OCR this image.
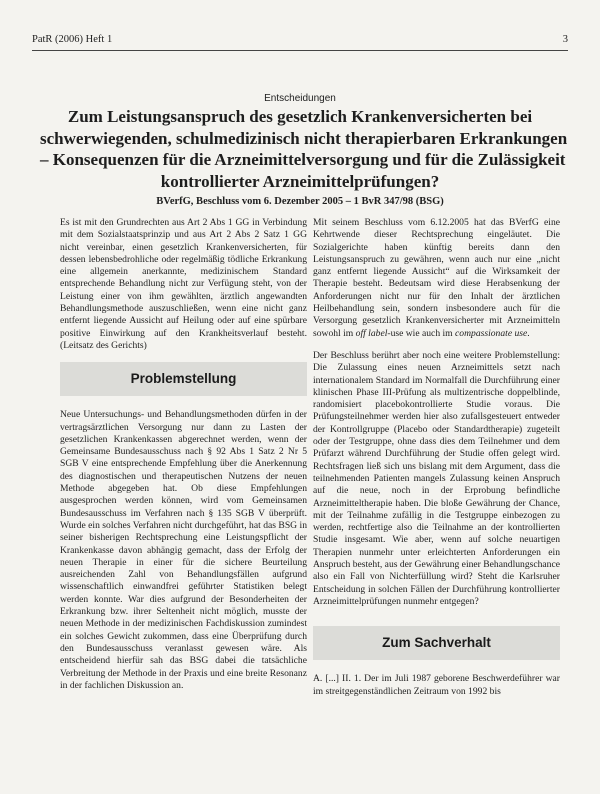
PatR (2006) Heft 1	3
Entscheidungen
Zum Leistungsanspruch des gesetzlich Krankenversicherten bei
schwerwiegenden, schulmedizinisch nicht therapierbaren Erkrankungen
– Konsequenzen für die Arzneimittelversorgung und für die Zulässigkeit
kontrollierter Arzneimittelprüfungen?
BVerfG, Beschluss vom 6. Dezember 2005 – 1 BvR 347/98 (BSG)

Es ist mit den Grundrechten aus Art 2 Abs 1 GG in Verbindung mit dem Sozialstaatsprinzip und aus Art 2 Abs 2 Satz 1 GG nicht vereinbar, einen gesetzlich Krankenversicherten, für dessen lebensbedrohliche oder regelmäßig tödliche Erkrankung eine allgemein anerkannte, medizinischem Standard entsprechende Behandlung nicht zur Verfügung steht, von der Leistung einer von ihm gewählten, ärztlich angewandten Behandlungsmethode auszuschließen, wenn eine nicht ganz entfernt liegende Aussicht auf Heilung oder auf eine spürbare positive Einwirkung auf den Krankheitsverlauf besteht. (Leitsatz des Gerichts)

Problemstellung

Neue Untersuchungs- und Behandlungsmethoden dürfen in der vertragsärztlichen Versorgung nur dann zu Lasten der gesetzlichen Krankenkassen abgerechnet werden, wenn der Gemeinsame Bundesausschuss nach § 92 Abs 1 Satz 2 Nr 5 SGB V eine entsprechende Empfehlung über die Anerkennung des diagnostischen und therapeutischen Nutzens der neuen Methode abgegeben hat. Ob diese Empfehlungen ausgesprochen werden können, wird vom Gemeinsamen Bundesausschuss im Verfahren nach § 135 SGB V überprüft. Wurde ein solches Verfahren nicht durchgeführt, hat das BSG in seiner bisherigen Rechtsprechung eine Leistungspflicht der Krankenkasse davon abhängig gemacht, dass der Erfolg der neuen Therapie in einer für die sichere Beurteilung ausreichenden Zahl von Behandlungsfällen aufgrund wissenschaftlich einwandfrei geführter Statistiken belegt werden konnte. War dies aufgrund der Besonderheiten der Erkrankung bzw. ihrer Seltenheit nicht möglich, musste der neuen Methode in der medizinischen Fachdiskussion zumindest ein solches Gewicht zukommen, dass eine Überprüfung durch den Bundesausschuss veranlasst gewesen wäre. Als entscheidend hierfür sah das BSG dabei die tatsächliche Verbreitung der Methode in der Praxis und eine breite Resonanz in der fachlichen Diskussion an.

Mit seinem Beschluss vom 6.12.2005 hat das BVerfG eine Kehrtwende dieser Rechtsprechung eingeläutet. Die Sozialgerichte haben künftig bereits dann den Leistungsanspruch zu gewähren, wenn auch nur eine „nicht ganz entfernt liegende Aussicht“ auf die Wirksamkeit der Therapie besteht. Bedeutsam wird diese Herabsenkung der Anforderungen nicht nur für den Inhalt der ärztlichen Heilbehandlung sein, sondern insbesondere auch für die Versorgung gesetzlich Krankenversicherter mit Arzneimitteln sowohl im off label-use wie auch im compassionate use.

Der Beschluss berührt aber noch eine weitere Problemstellung: Die Zulassung eines neuen Arzneimittels setzt nach internationalem Standard im Normalfall die Durchführung einer klinischen Phase III-Prüfung als multizentrische doppelblinde, randomisiert placebokontrollierte Studie voraus. Die Prüfungsteilnehmer werden hier also zufallsgesteuert entweder der Kontrollgruppe (Placebo oder Standardtherapie) zugeteilt oder der Testgruppe, ohne dass dies dem Teilnehmer und dem Prüfarzt während Durchführung der Studie offen gelegt wird. Rechtsfragen ließ sich uns bislang mit dem Argument, dass die teilnehmenden Patienten mangels Zulassung keinen Anspruch auf die neue, noch in der Erprobung befindliche Arzneimitteltherapie haben. Die bloße Gewährung der Chance, mit der Teilnahme zufällig in die Testgruppe einbezogen zu werden, rechtfertige also die Teilnahme an der kontrollierten Studie insgesamt. Wie aber, wenn auf solche neuartigen Therapien nunmehr unter erleichterten Anforderungen ein Anspruch besteht, aus der Gewährung einer Behandlungschance also ein Fall von Nichterfüllung wird? Steht die Karlsruher Entscheidung in solchen Fällen der Durchführung kontrollierter Arzneimittelprüfungen nunmehr entgegen?

Zum Sachverhalt

A. [...] II. 1. Der im Juli 1987 geborene Beschwerdeführer war im streitgegenständlichen Zeitraum von 1992 bis
